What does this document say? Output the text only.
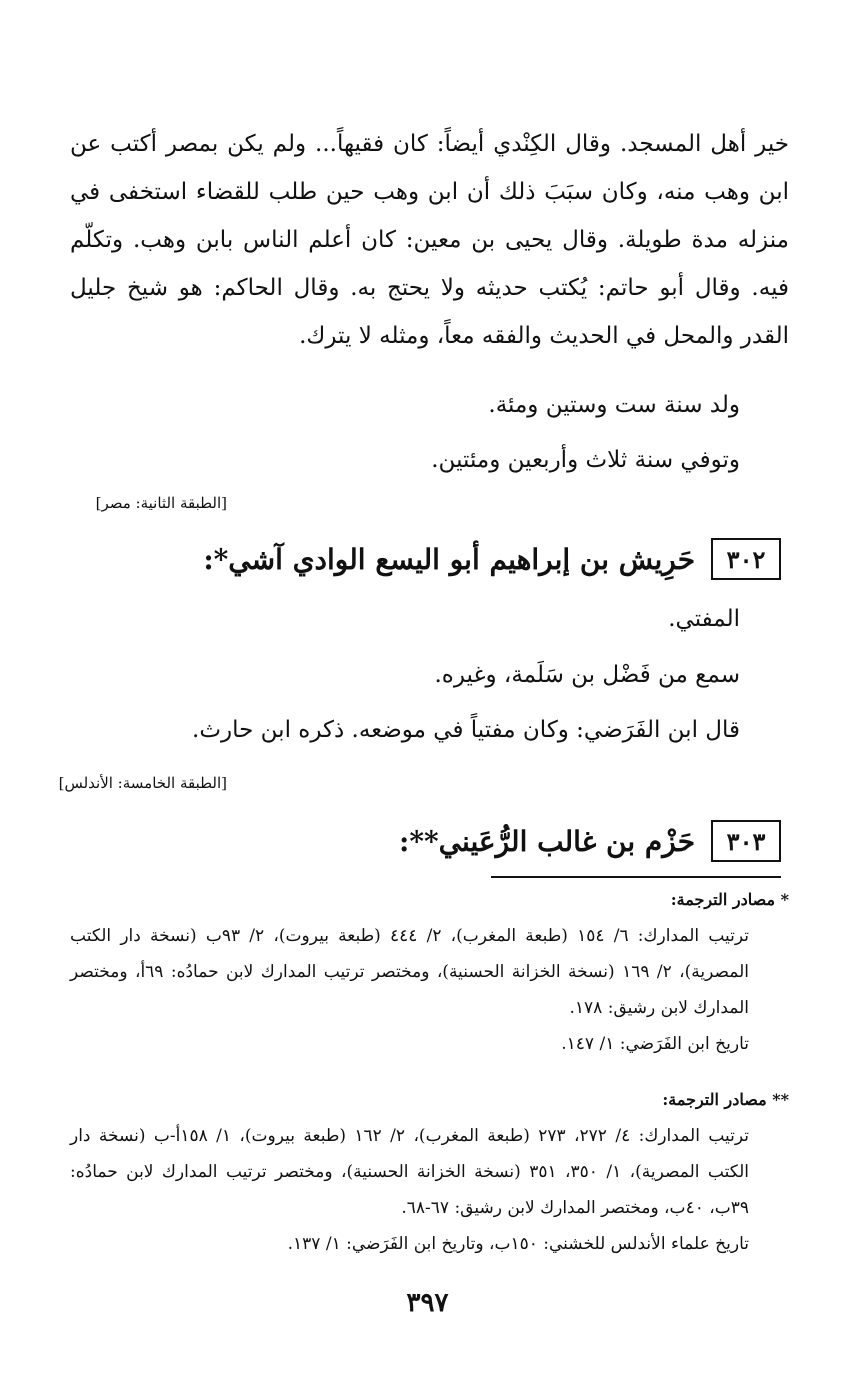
خير أهل المسجد. وقال الكِنْدي أيضاً: كان فقيهاً... ولم يكن بمصر أكتب عن ابن وهب منه، وكان سبَبَ ذلك أن ابن وهب حين طلب للقضاء استخفى في منزله مدة طويلة. وقال يحيى بن معين: كان أعلم الناس بابن وهب. وتكلّم فيه. وقال أبو حاتم: يُكتب حديثه ولا يحتج به. وقال الحاكم: هو شيخ جليل القدر والمحل في الحديث والفقه معاً، ومثله لا يترك.

ولد سنة ست وستين ومئة.
وتوفي سنة ثلاث وأربعين ومئتين.
[الطبقة الثانية: مصر]
٣٠٢
حَرِيش بن إبراهيم أبو اليسع الوادي آشي*:
المفتي.
سمع من فَضْل بن سَلَمة، وغيره.
قال ابن الفَرَضي: وكان مفتياً في موضعه. ذكره ابن حارث.
[الطبقة الخامسة: الأندلس]
٣٠٣
حَزْم بن غالب الرُّعَيني**:

* مصادر الترجمة:

ترتيب المدارك: ٦/ ١٥٤ (طبعة المغرب)، ٢/ ٤٤٤ (طبعة بيروت)، ٢/ ٩٣ب (نسخة دار الكتب المصرية)، ٢/ ١٦٩ (نسخة الخزانة الحسنية)، ومختصر ترتيب المدارك لابن حمادُه: ٦٩أ، ومختصر المدارك لابن رشيق: ١٧٨.

تاريخ ابن الفَرَضي: ١/ ١٤٧.

** مصادر الترجمة:

ترتيب المدارك: ٤/ ٢٧٢، ٢٧٣ (طبعة المغرب)، ٢/ ١٦٢ (طبعة بيروت)، ١/ ١٥٨أ-ب (نسخة دار الكتب المصرية)، ١/ ٣٥٠، ٣٥١ (نسخة الخزانة الحسنية)، ومختصر ترتيب المدارك لابن حمادُه: ٣٩ب، ٤٠ب، ومختصر المدارك لابن رشيق: ٦٧-٦٨.

تاريخ علماء الأندلس للخشني: ١٥٠ب، وتاريخ ابن الفَرَضي: ١/ ١٣٧.

٣٩٧
